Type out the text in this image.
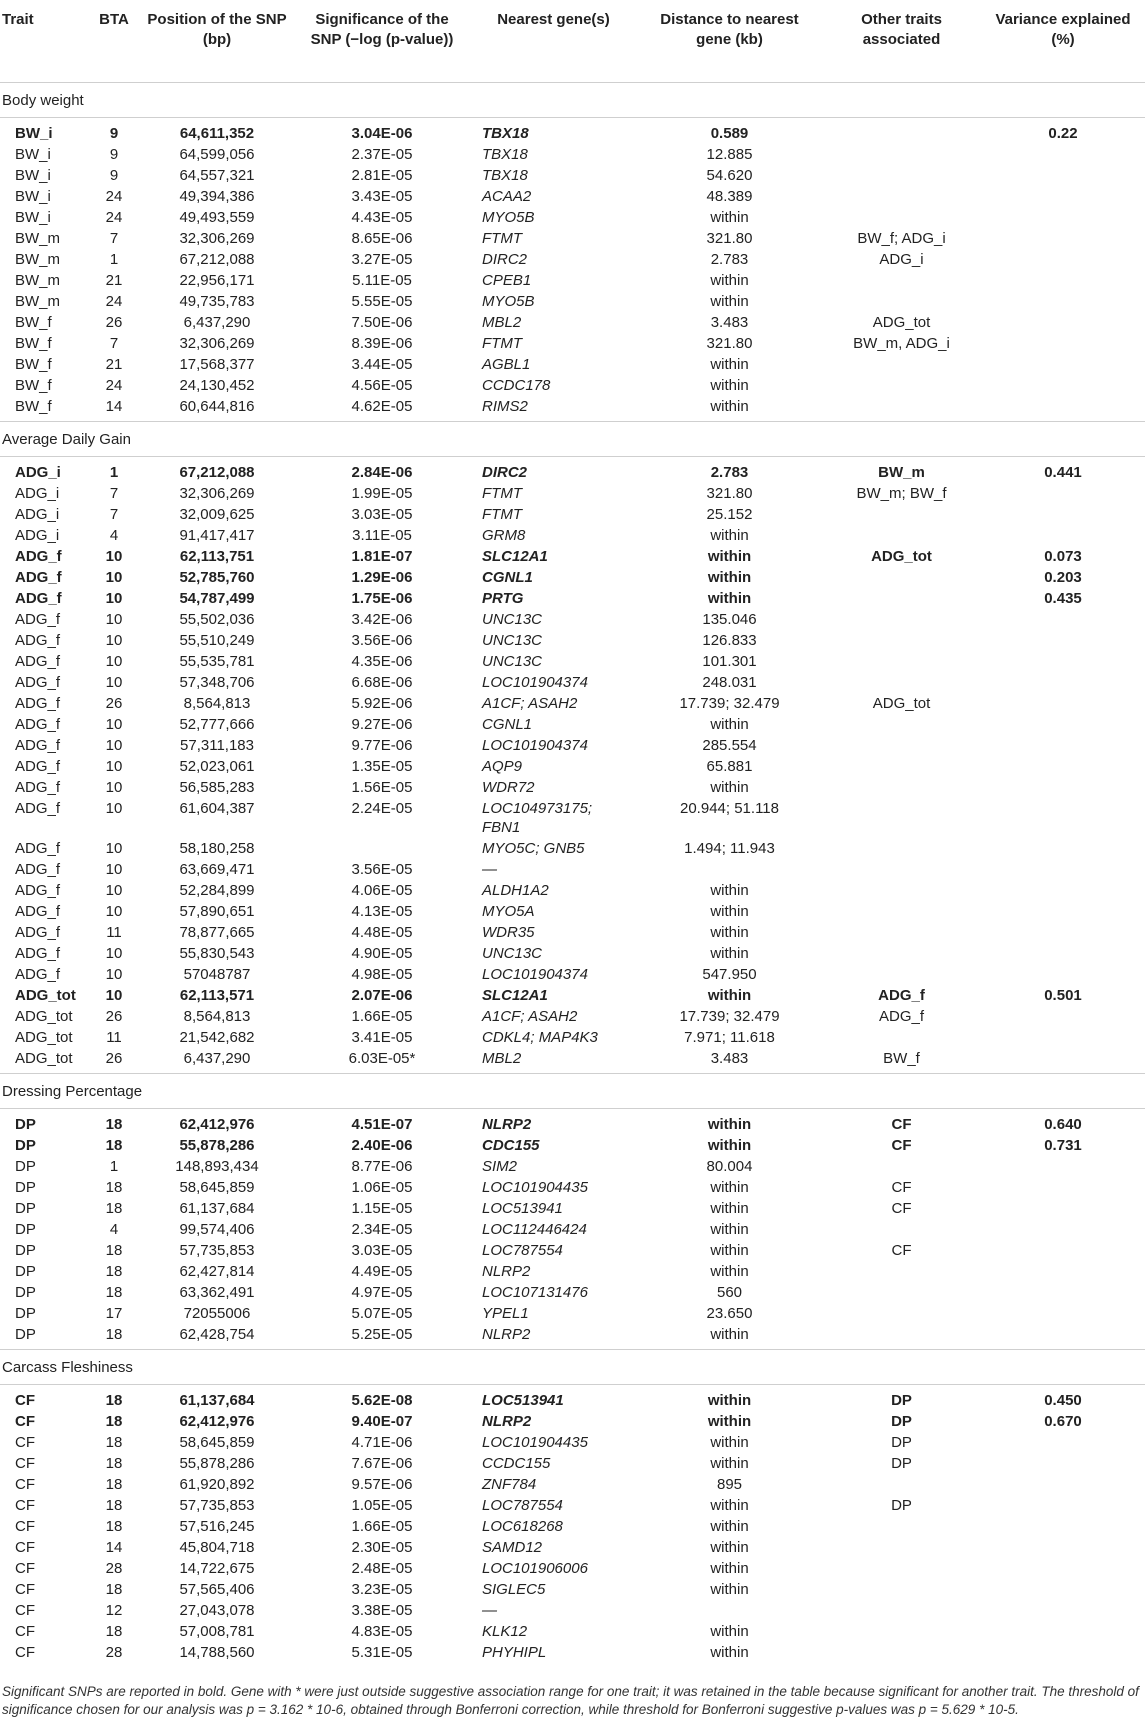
Trait	BTA	Position of the SNP (bp)	Significance of the SNP (−log (p-value))	Nearest gene(s)	Distance to nearest gene (kb)	Other traits associated	Variance explained (%)
Body weight							
BW_i	9	64,611,352	3.04E-06	TBX18	0.589		0.22
BW_i	9	64,599,056	2.37E-05	TBX18	12.885		
BW_i	9	64,557,321	2.81E-05	TBX18	54.620		
BW_i	24	49,394,386	3.43E-05	ACAA2	48.389		
BW_i	24	49,493,559	4.43E-05	MYO5B	within		
BW_m	7	32,306,269	8.65E-06	FTMT	321.80	BW_f; ADG_i	
BW_m	1	67,212,088	3.27E-05	DIRC2	2.783	ADG_i	
BW_m	21	22,956,171	5.11E-05	CPEB1	within		
BW_m	24	49,735,783	5.55E-05	MYO5B	within		
BW_f	26	6,437,290	7.50E-06	MBL2	3.483	ADG_tot	
BW_f	7	32,306,269	8.39E-06	FTMT	321.80	BW_m, ADG_i	
BW_f	21	17,568,377	3.44E-05	AGBL1	within		
BW_f	24	24,130,452	4.56E-05	CCDC178	within		
BW_f	14	60,644,816	4.62E-05	RIMS2	within		

Average Daily Gain							
ADG_i	1	67,212,088	2.84E-06	DIRC2	2.783	BW_m	0.441
ADG_i	7	32,306,269	1.99E-05	FTMT	321.80	BW_m; BW_f	
ADG_i	7	32,009,625	3.03E-05	FTMT	25.152		
ADG_i	4	91,417,417	3.11E-05	GRM8	within		
ADG_f	10	62,113,751	1.81E-07	SLC12A1	within	ADG_tot	0.073
ADG_f	10	52,785,760	1.29E-06	CGNL1	within		0.203
ADG_f	10	54,787,499	1.75E-06	PRTG	within		0.435
ADG_f	10	55,502,036	3.42E-06	UNC13C	135.046		
ADG_f	10	55,510,249	3.56E-06	UNC13C	126.833		
ADG_f	10	55,535,781	4.35E-06	UNC13C	101.301		
ADG_f	10	57,348,706	6.68E-06	LOC101904374	248.031		
ADG_f	26	8,564,813	5.92E-06	A1CF; ASAH2	17.739; 32.479	ADG_tot	
ADG_f	10	52,777,666	9.27E-06	CGNL1	within		
ADG_f	10	57,311,183	9.77E-06	LOC101904374	285.554		
ADG_f	10	52,023,061	1.35E-05	AQP9	65.881		
ADG_f	10	56,585,283	1.56E-05	WDR72	within		
ADG_f	10	61,604,387	2.24E-05	LOC104973175; FBN1	20.944; 51.118		
ADG_f	10	58,180,258		MYO5C; GNB5	1.494; 11.943		
ADG_f	10	63,669,471	3.56E-05	—			
ADG_f	10	52,284,899	4.06E-05	ALDH1A2	within		
ADG_f	10	57,890,651	4.13E-05	MYO5A	within		
ADG_f	11	78,877,665	4.48E-05	WDR35	within		
ADG_f	10	55,830,543	4.90E-05	UNC13C	within		
ADG_f	10	57048787	4.98E-05	LOC101904374	547.950		
ADG_tot	10	62,113,571	2.07E-06	SLC12A1	within	ADG_f	0.501
ADG_tot	26	8,564,813	1.66E-05	A1CF; ASAH2	17.739; 32.479	ADG_f	
ADG_tot	11	21,542,682	3.41E-05	CDKL4; MAP4K3	7.971; 11.618		
ADG_tot	26	6,437,290	6.03E-05*	MBL2	3.483	BW_f	

Dressing Percentage							
DP	18	62,412,976	4.51E-07	NLRP2	within	CF	0.640
DP	18	55,878,286	2.40E-06	CDC155	within	CF	0.731
DP	1	148,893,434	8.77E-06	SIM2	80.004		
DP	18	58,645,859	1.06E-05	LOC101904435	within	CF	
DP	18	61,137,684	1.15E-05	LOC513941	within	CF	
DP	4	99,574,406	2.34E-05	LOC112446424	within		
DP	18	57,735,853	3.03E-05	LOC787554	within	CF	
DP	18	62,427,814	4.49E-05	NLRP2	within		
DP	18	63,362,491	4.97E-05	LOC107131476	560		
DP	17	72055006	5.07E-05	YPEL1	23.650		
DP	18	62,428,754	5.25E-05	NLRP2	within		

Carcass Fleshiness							
CF	18	61,137,684	5.62E-08	LOC513941	within	DP	0.450
CF	18	62,412,976	9.40E-07	NLRP2	within	DP	0.670
CF	18	58,645,859	4.71E-06	LOC101904435	within	DP	
CF	18	55,878,286	7.67E-06	CCDC155	within	DP	
CF	18	61,920,892	9.57E-06	ZNF784	895		
CF	18	57,735,853	1.05E-05	LOC787554	within	DP	
CF	18	57,516,245	1.66E-05	LOC618268	within		
CF	14	45,804,718	2.30E-05	SAMD12	within		
CF	28	14,722,675	2.48E-05	LOC101906006	within		
CF	18	57,565,406	3.23E-05	SIGLEC5	within		
CF	12	27,043,078	3.38E-05	—			
CF	18	57,008,781	4.83E-05	KLK12	within		
CF	28	14,788,560	5.31E-05	PHYHIPL	within		
Significant SNPs are reported in bold. Gene with * were just outside suggestive association range for one trait; it was retained in the table because significant for another trait. The threshold of significance chosen for our analysis was p = 3.162 * 10-6, obtained through Bonferroni correction, while threshold for Bonferroni suggestive p-values was p = 5.629 * 10-5.
